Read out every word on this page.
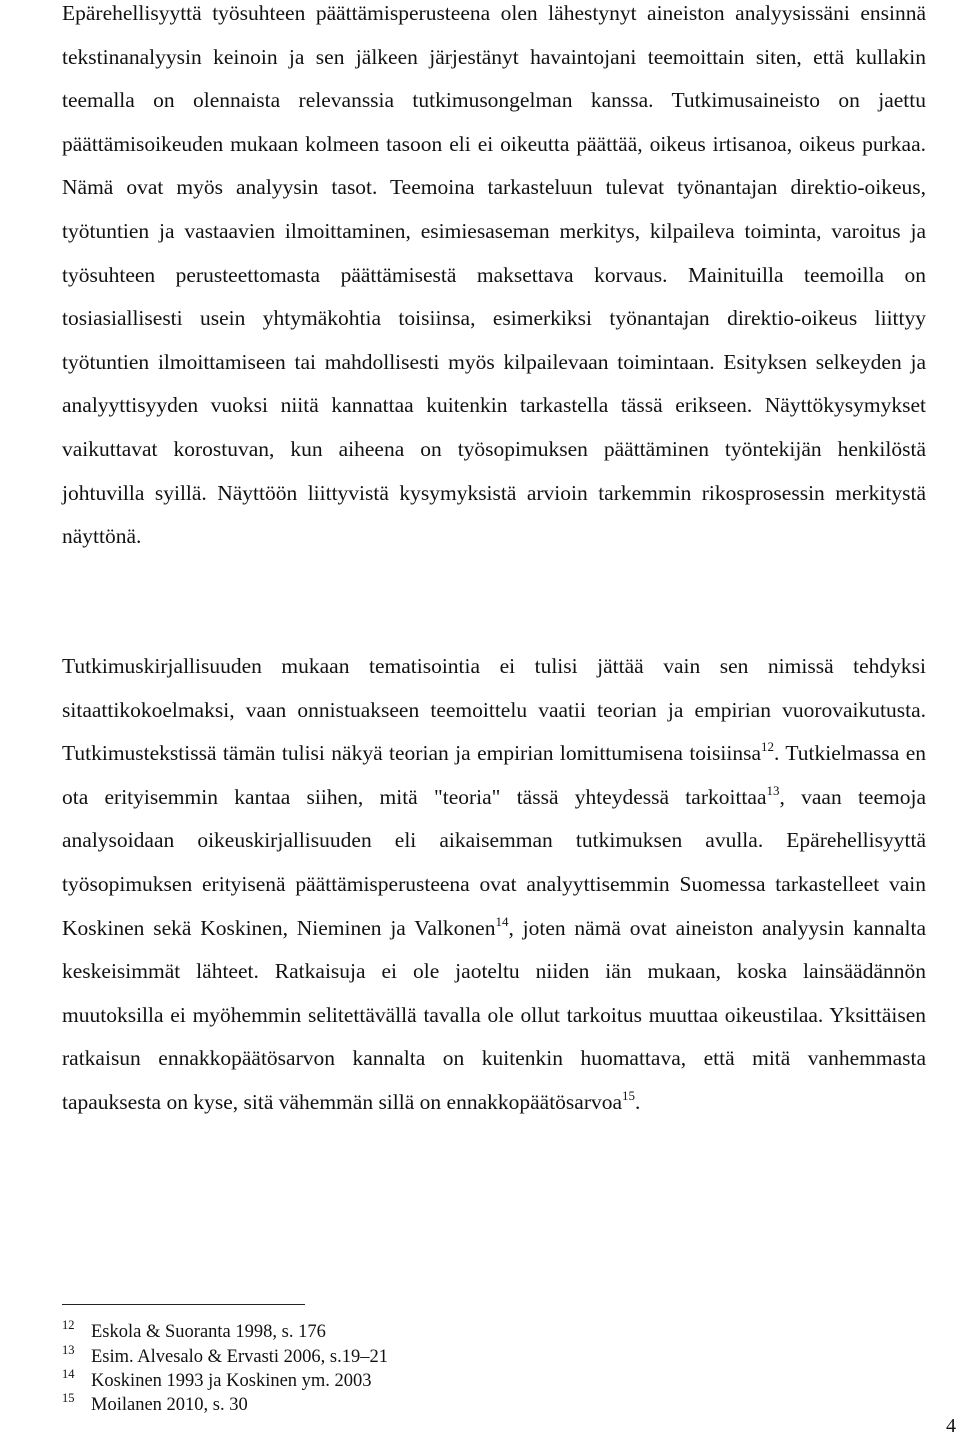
Epärehellisyyttä työsuhteen päättämisperusteena olen lähestynyt aineiston analyysissäni ensinnä tekstinanalyysin keinoin ja sen jälkeen järjestänyt havaintojani teemoittain siten, että kullakin teemalla on olennaista relevanssia tutkimusongelman kanssa. Tutkimusaineisto on jaettu päättämisoikeuden mukaan kolmeen tasoon eli ei oikeutta päättää, oikeus irtisanoa, oikeus purkaa. Nämä ovat myös analyysin tasot. Teemoina tarkasteluun tulevat työnantajan direktio-oikeus, työtuntien ja vastaavien ilmoittaminen, esimiesaseman merkitys, kilpaileva toiminta, varoitus ja työsuhteen perusteettomasta päättämisestä maksettava korvaus. Mainituilla teemoilla on tosiasiallisesti usein yhtymäkohtia toisiinsa, esimerkiksi työnantajan direktio-oikeus liittyy työtuntien ilmoittamiseen tai mahdollisesti myös kilpailevaan toimintaan. Esityksen selkeyden ja analyyttisyyden vuoksi niitä kannattaa kuitenkin tarkastella tässä erikseen. Näyttökysymykset vaikuttavat korostuvan, kun aiheena on työsopimuksen päättäminen työntekijän henkilöstä johtuvilla syillä. Näyttöön liittyvistä kysymyksistä arvioin tarkemmin rikosprosessin merkitystä näyttönä.

Tutkimuskirjallisuuden mukaan tematisointia ei tulisi jättää vain sen nimissä tehdyksi sitaattikokoelmaksi, vaan onnistuakseen teemoittelu vaatii teorian ja empirian vuorovaikutusta. Tutkimustekstissä tämän tulisi näkyä teorian ja empirian lomittumisena toisiinsa$^{12}$. Tutkielmassa en ota erityisemmin kantaa siihen, mitä "teoria" tässä yhteydessä tarkoittaa$^{13}$, vaan teemoja analysoidaan oikeuskirjallisuuden eli aikaisemman tutkimuksen avulla. Epärehellisyyttä työsopimuksen erityisenä päättämisperusteena ovat analyyttisemmin Suomessa tarkastelleet vain Koskinen sekä Koskinen, Nieminen ja Valkonen$^{14}$, joten nämä ovat aineiston analyysin kannalta keskeisimmät lähteet. Ratkaisuja ei ole jaoteltu niiden iän mukaan, koska lainsäädännön muutoksilla ei myöhemmin selitettävällä tavalla ole ollut tarkoitus muuttaa oikeustilaa. Yksittäisen ratkaisun ennakkopäätösarvon kannalta on kuitenkin huomattava, että mitä vanhemmasta tapauksesta on kyse, sitä vähemmän sillä on ennakkopäätösarvoa$^{15}$.

12 Eskola & Suoranta 1998, s. 176
13 Esim. Alvesalo & Ervasti 2006, s.19–21
14 Koskinen 1993 ja Koskinen ym. 2003
15 Moilanen 2010, s. 30
4
